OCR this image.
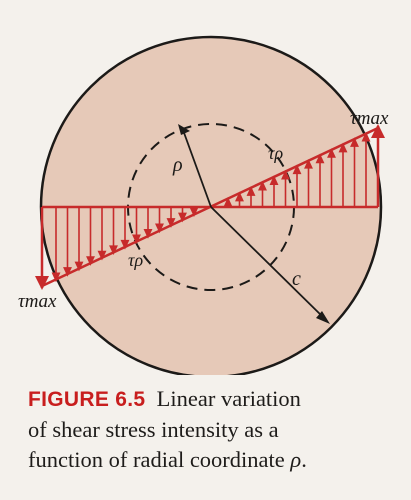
τmax
τmax
τρ
τρ
ρ
c
FIGURE 6.5 Linear variation
of shear stress intensity as a
function of radial coordinate ρ.
